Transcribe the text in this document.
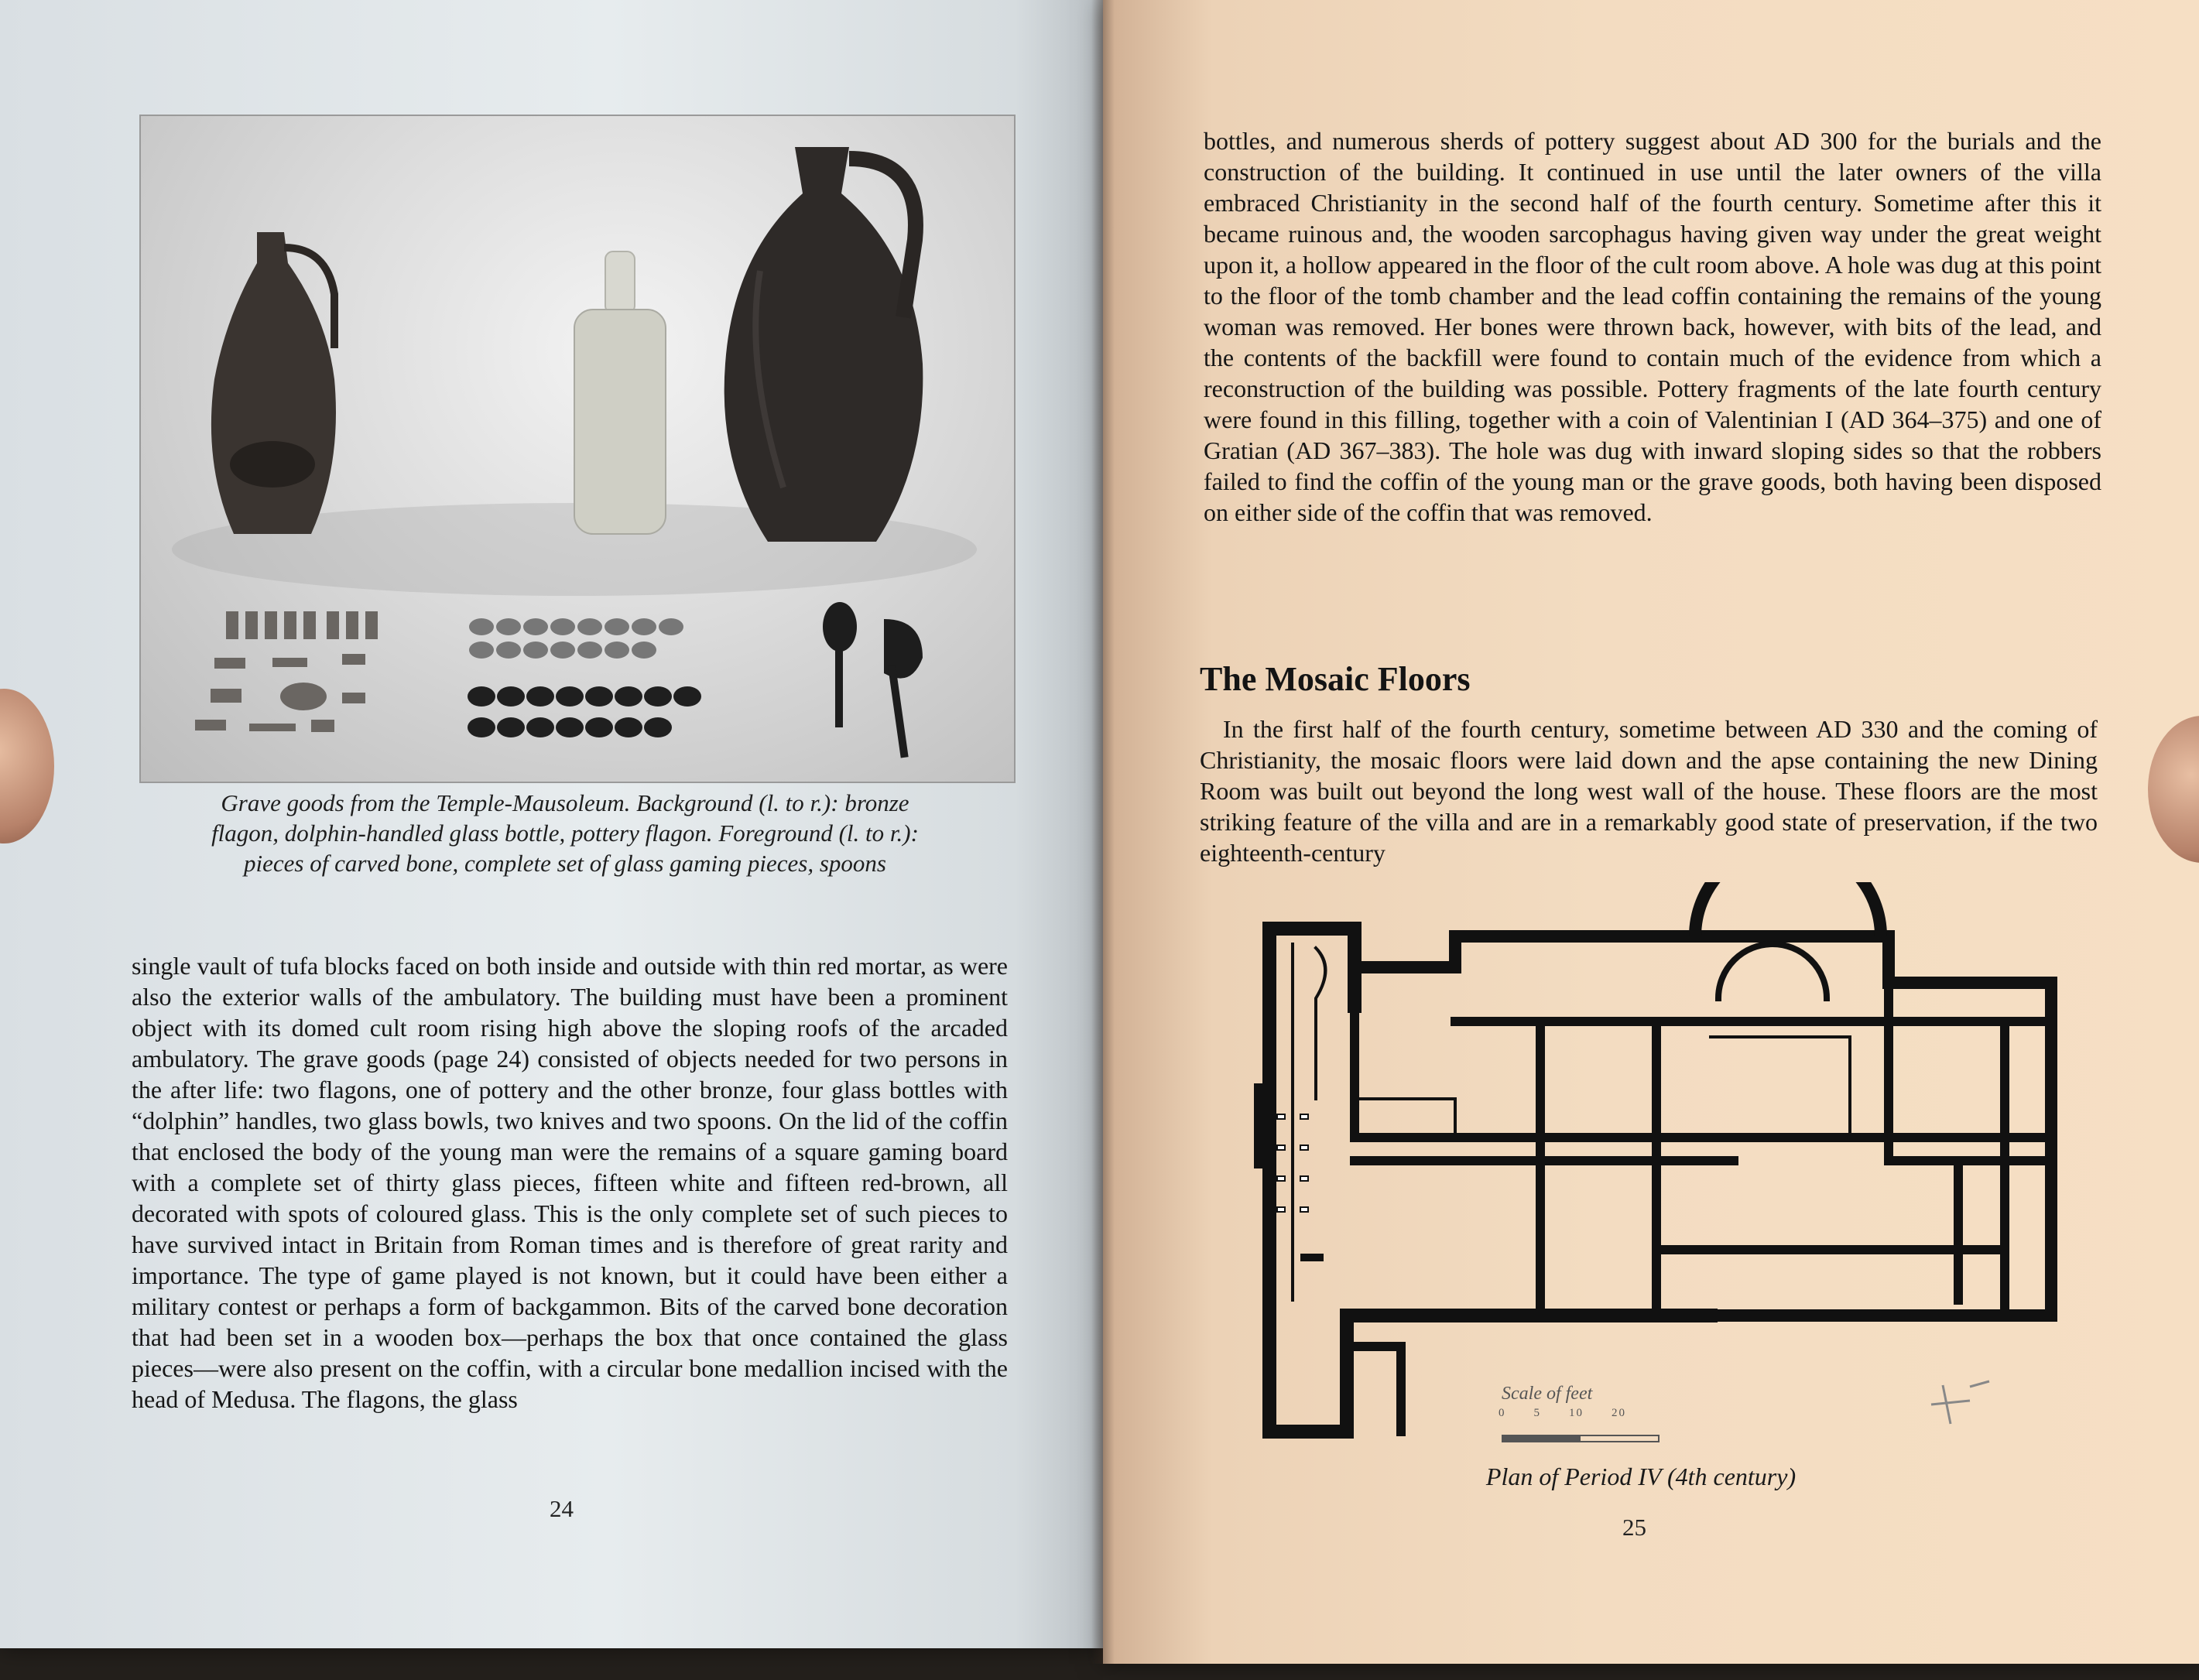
Grave goods from the Temple-Mausoleum. Background (l. to r.): bronze flagon, dolphin-handled glass bottle, pottery flagon. Foreground (l. to r.): pieces of carved bone, complete set of glass gaming pieces, spoons

single vault of tufa blocks faced on both inside and outside with thin red mortar, as were also the exterior walls of the ambulatory. The building must have been a prominent object with its domed cult room rising high above the sloping roofs of the arcaded ambulatory. The grave goods (page 24) consisted of objects needed for two persons in the after life: two flagons, one of pottery and the other bronze, four glass bottles with “dolphin” handles, two glass bowls, two knives and two spoons. On the lid of the coffin that enclosed the body of the young man were the remains of a square gaming board with a complete set of thirty glass pieces, fifteen white and fifteen red-brown, all decorated with spots of coloured glass. This is the only complete set of such pieces to have survived intact in Britain from Roman times and is therefore of great rarity and importance. The type of game played is not known, but it could have been either a military contest or perhaps a form of backgammon. Bits of the carved bone decoration that had been set in a wooden box—perhaps the box that once contained the glass pieces—were also present on the coffin, with a circular bone medallion incised with the head of Medusa. The flagons, the glass

24

bottles, and numerous sherds of pottery suggest about AD 300 for the burials and the construction of the building. It continued in use until the later owners of the villa embraced Christianity in the second half of the fourth century. Sometime after this it became ruinous and, the wooden sarcophagus having given way under the great weight upon it, a hollow appeared in the floor of the cult room above. A hole was dug at this point to the floor of the tomb chamber and the lead coffin containing the remains of the young woman was removed. Her bones were thrown back, however, with bits of the lead, and the contents of the backfill were found to contain much of the evidence from which a reconstruction of the building was possible. Pottery fragments of the late fourth century were found in this filling, together with a coin of Valentinian I (AD 364–375) and one of Gratian (AD 367–383). The hole was dug with inward sloping sides so that the robbers failed to find the coffin of the young man or the grave goods, both having been disposed on either side of the coffin that was removed.

The Mosaic Floors

In the first half of the fourth century, sometime between AD 330 and the coming of Christianity, the mosaic floors were laid down and the apse containing the new Dining Room was built out beyond the long west wall of the house. These floors are the most striking feature of the villa and are in a remarkably good state of preservation, if the two eighteenth-century

Scale of feet
0 5 10 20
Plan of Period IV (4th century)
25
